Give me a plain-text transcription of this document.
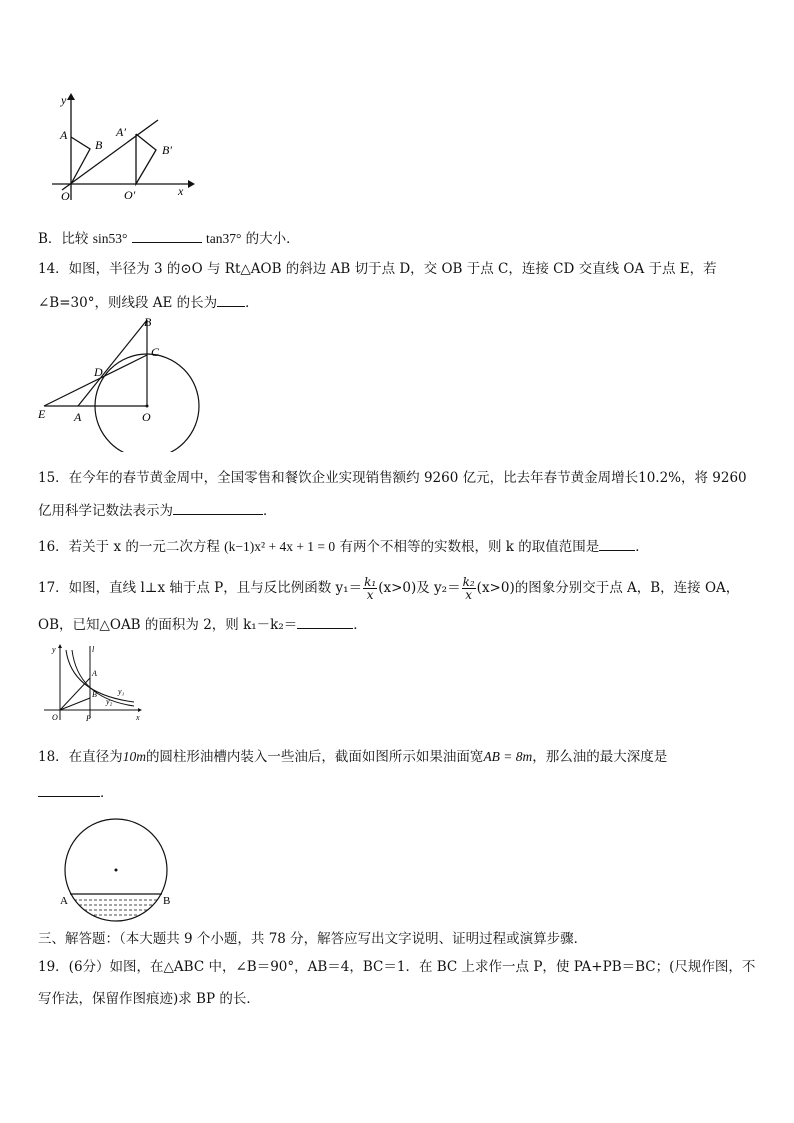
y
A
B
A′
B′
O	O′	x
B．比较 sin53°	tan37° 的大小．
14．如图，半径为 3 的⊙O 与 Rt△AOB 的斜边 AB 切于点 D，交 OB 于点 C，连接 CD 交直线 OA 于点 E，若
∠B=30°，则线段 AE 的长为 ．
B
C
D
E A	O
15．在今年的春节黄金周中，全国零售和餐饮企业实现销售额约 9260 亿元，比去年春节黄金周增长10.2%，将 9260
亿用科学记数法表示为	．
16．若关于 x 的一元二次方程 (k−1)x² + 4x + 1 = 0 有两个不相等的实数根，则 k 的取值范围是	．
17．如图，直线 l⊥x 轴于点 P，且与反比例函数 $y_1= \frac{\text{k₁}}{x} (x>0)$及 $y_2= \frac{\text{k₂}}{x} (x>0)$的图象分别交于点 A，B，连接 OA，
OB，已知△OAB 的面积为 2，则 k₁－k₂＝	．
y	l
A
B	y₁
y₂
O	P	x
18．在直径为10m的圆柱形油槽内装入一些油后，截面如图所示如果油面宽AB = 8m，那么油的最大深度是
．
A	B
三、解答题：（本大题共 9 个小题，共 78 分，解答应写出文字说明、证明过程或演算步骤．
19．(6分）如图，在△ABC 中，∠B＝90°，AB＝4，BC＝1．在 BC 上求作一点 P，使 PA+PB＝BC；(尺规作图，不
写作法，保留作图痕迹)求 BP 的长．
